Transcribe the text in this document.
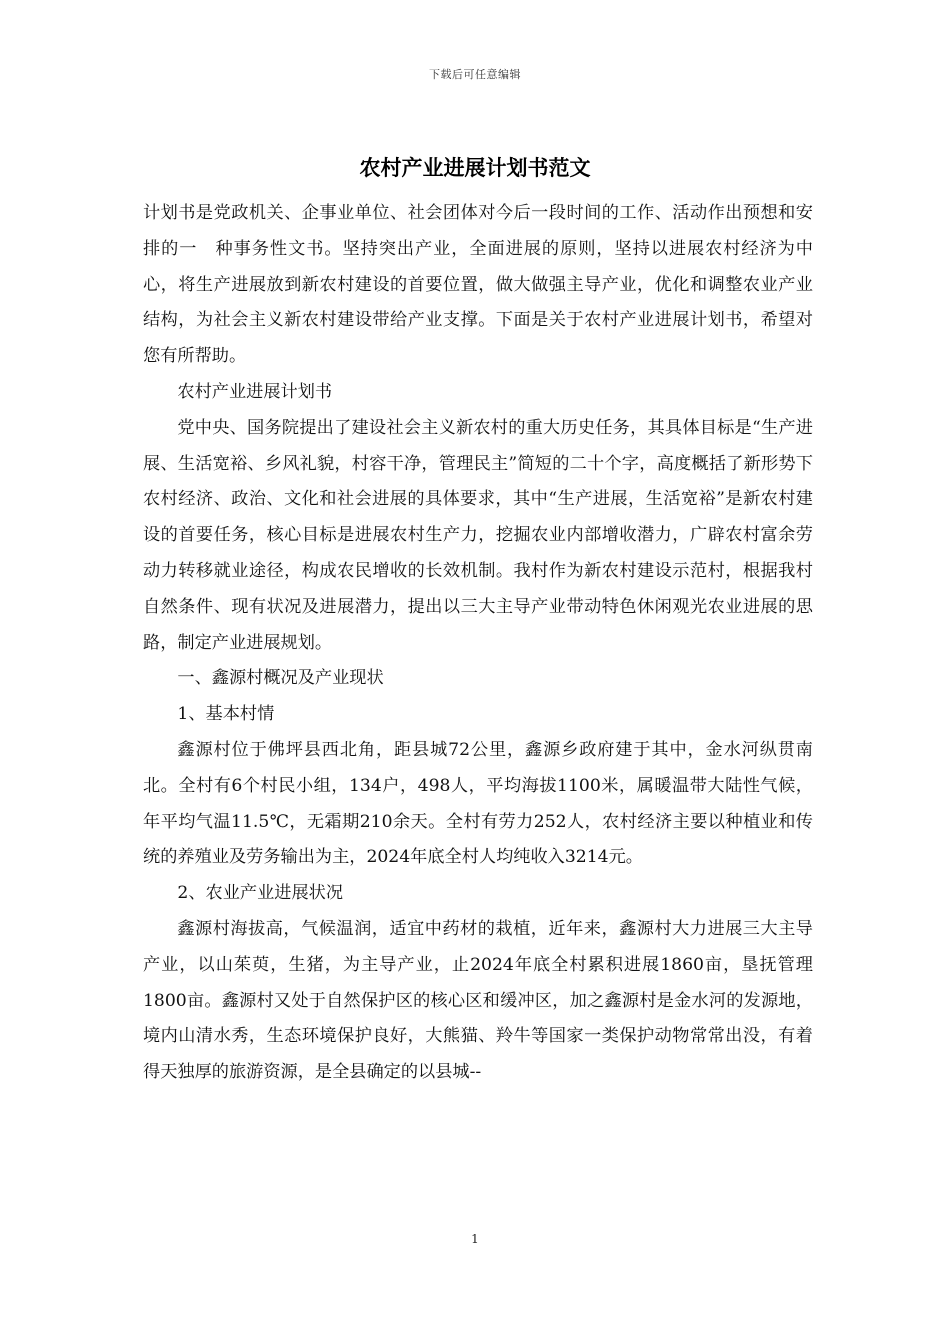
下载后可任意编辑
农村产业进展计划书范文

计划书是党政机关、企事业单位、社会团体对今后一段时间的工作、活动作出预想和安排的一　种事务性文书。坚持突出产业，全面进展的原则，坚持以进展农村经济为中心，将生产进展放到新农村建设的首要位置，做大做强主导产业，优化和调整农业产业结构，为社会主义新农村建设带给产业支撑。下面是关于农村产业进展计划书，希望对您有所帮助。

农村产业进展计划书

党中央、国务院提出了建设社会主义新农村的重大历史任务，其具体目标是“生产进展、生活宽裕、乡风礼貌，村容干净，管理民主”简短的二十个字，高度概括了新形势下农村经济、政治、文化和社会进展的具体要求，其中“生产进展，生活宽裕”是新农村建设的首要任务，核心目标是进展农村生产力，挖掘农业内部增收潜力，广辟农村富余劳动力转移就业途径，构成农民增收的长效机制。我村作为新农村建设示范村，根据我村自然条件、现有状况及进展潜力，提出以三大主导产业带动特色休闲观光农业进展的思路，制定产业进展规划。

一、鑫源村概况及产业现状

1、基本村情

鑫源村位于佛坪县西北角，距县城72公里，鑫源乡政府建于其中，金水河纵贯南北。全村有6个村民小组，134户，498人，平均海拔1100米，属暖温带大陆性气候，年平均气温11.5℃，无霜期210余天。全村有劳力252人，农村经济主要以种植业和传统的养殖业及劳务输出为主，2024年底全村人均纯收入3214元。

2、农业产业进展状况

鑫源村海拔高，气候温润，适宜中药材的栽植，近年来，鑫源村大力进展三大主导产业，以山茱萸，生猪，为主导产业，止2024年底全村累积进展1860亩，垦抚管理1800亩。鑫源村又处于自然保护区的核心区和缓冲区，加之鑫源村是金水河的发源地，境内山清水秀，生态环境保护良好，大熊猫、羚牛等国家一类保护动物常常出没，有着得天独厚的旅游资源，是全县确定的以县城--

1
